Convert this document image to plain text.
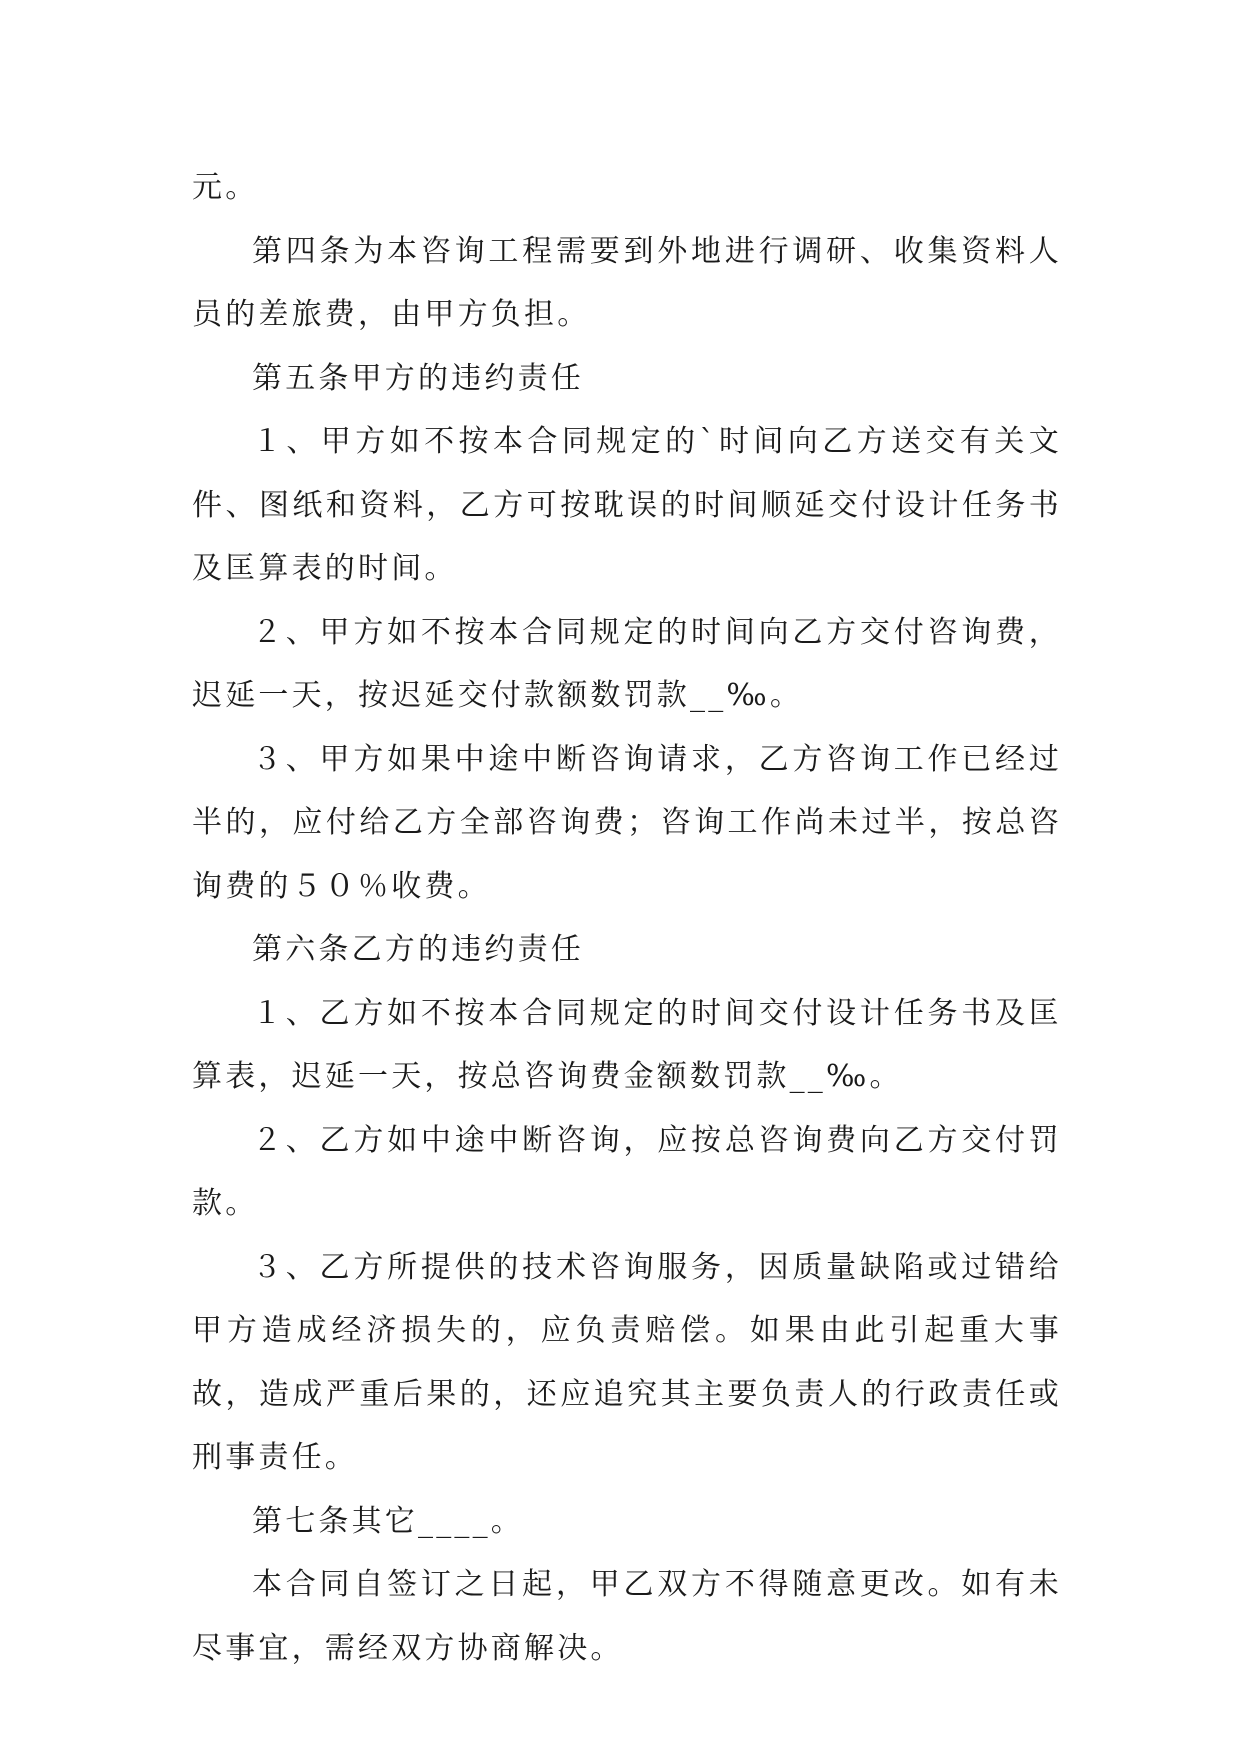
元。

第四条为本咨询工程需要到外地进行调研、收集资料人员的差旅费，由甲方负担。

第五条甲方的违约责任

１、甲方如不按本合同规定的`时间向乙方送交有关文件、图纸和资料，乙方可按耽误的时间顺延交付设计任务书及匡算表的时间。

２、甲方如不按本合同规定的时间向乙方交付咨询费，迟延一天，按迟延交付款额数罚款__‰。

３、甲方如果中途中断咨询请求，乙方咨询工作已经过半的，应付给乙方全部咨询费；咨询工作尚未过半，按总咨询费的５０％收费。

第六条乙方的违约责任

１、乙方如不按本合同规定的时间交付设计任务书及匡算表，迟延一天，按总咨询费金额数罚款__‰。

２、乙方如中途中断咨询，应按总咨询费向乙方交付罚款。

３、乙方所提供的技术咨询服务，因质量缺陷或过错给甲方造成经济损失的，应负责赔偿。如果由此引起重大事故，造成严重后果的，还应追究其主要负责人的行政责任或刑事责任。

第七条其它____。

本合同自签订之日起，甲乙双方不得随意更改。如有未尽事宜，需经双方协商解决。
